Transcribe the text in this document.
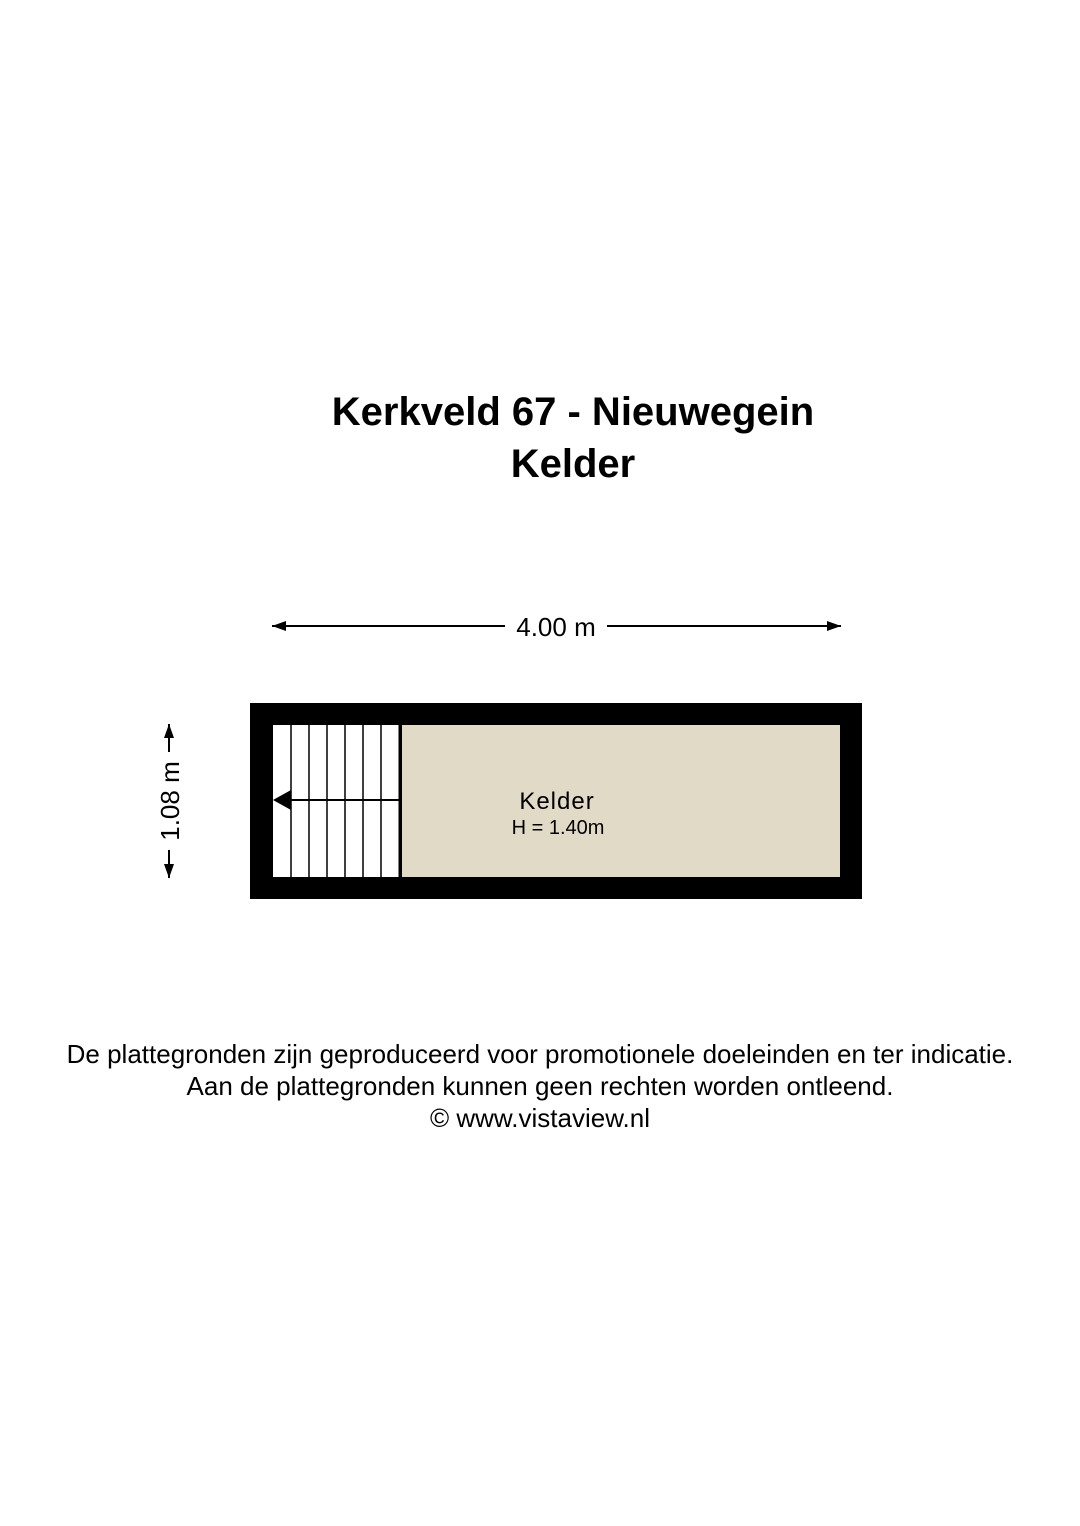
Kerkveld 67 - Nieuwegein
Kelder
4.00 m
1.08 m	Kelder
H = 1.40m
De plattegronden zijn geproduceerd voor promotionele doeleinden en ter indicatie.
Aan de plattegronden kunnen geen rechten worden ontleend.
© www.vistaview.nl
